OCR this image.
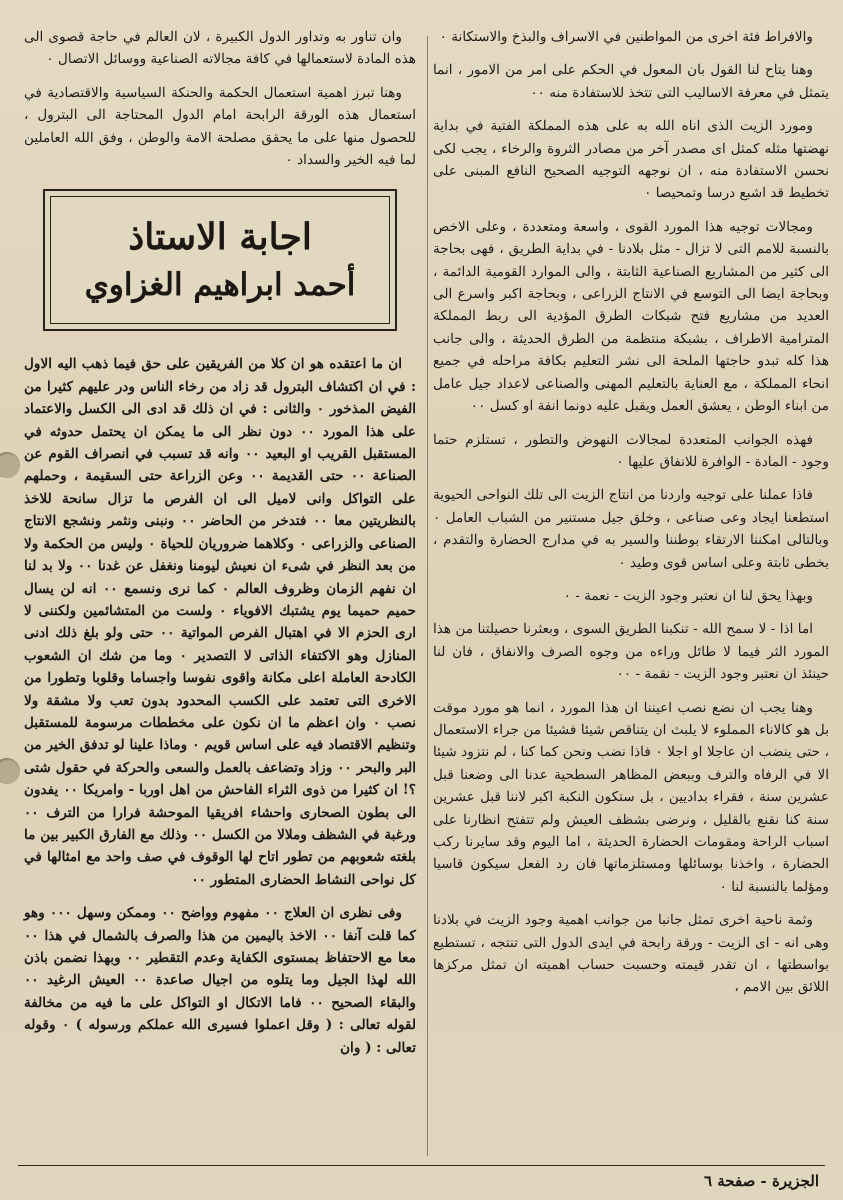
والافراط فئة اخرى من المواطنين في الاسراف والبذخ والاستكانة ٠

وهنا يتاح لنا القول بان المعول في الحكم على امر من الامور ، انما يتمثل في معرفة الاساليب التى تتخذ للاستفادة منه ٠٠

ومورد الزيت الذى اناه الله به على هذه المملكة الفتية في بداية نهضتها مثله كمثل اى مصدر آخر من مصادر الثروة والرخاء ، يجب لكى نحسن الاستفادة منه ، ان نوجهه التوجيه الصحيح النافع المبنى على تخطيط قد اشبع درسا وتمحيصا ٠

ومجالات توجيه هذا المورد القوى ، واسعة ومتعددة ، وعلى الاخص بالنسبة للامم التى لا تزال - مثل بلادنا - في بداية الطريق ، فهى بحاجة الى كثير من المشاريع الصناعية الثابتة ، والى الموارد القومية الدائمة ، وبحاجة ايضا الى التوسع في الانتاج الزراعى ، وبحاجة اكبر واسرع الى العديد من مشاريع فتح شبكات الطرق المؤدية الى ربط المملكة المترامية الاطراف ، بشبكة منتظمة من الطرق الحديثة ، والى جانب هذا كله تبدو حاجتها الملحة الى نشر التعليم بكافة مراحله في جميع انحاء المملكة ، مع العناية بالتعليم المهنى والصناعى لاعداد جيل عامل من ابناء الوطن ، يعشق العمل ويقبل عليه دونما انفة او كسل ٠٠

فهذه الجوانب المتعددة لمجالات النهوض والتطور ، تستلزم حتما وجود - المادة - الوافرة للانفاق عليها ٠

فاذا عملنا على توجيه واردنا من انتاج الزيت الى تلك النواحى الحيوية استطعنا ايجاد وعى صناعى ، وخلق جيل مستنير من الشباب العامل ٠ وبالتالى امكننا الارتقاء بوطننا والسير به في مدارج الحضارة والتقدم ، بخطى ثابتة وعلى اساس قوى وطيد ٠

وبهذا يحق لنا ان نعتبر وجود الزيت - نعمة - ٠

اما اذا - لا سمح الله - تنكبنا الطريق السوى ، وبعثرنا حصيلتنا من هذا المورد الثر فيما لا طائل وراءه من وجوه الصرف والانفاق ، فان لنا حينئذ ان نعتبر وجود الزيت - نقمة - ٠٠

وهنا يجب ان نضع نصب اعيننا ان هذا المورد ، انما هو مورد موقت بل هو كالاناء المملوء لا يلبث ان يتناقص شيئا فشيئا من جراء الاستعمال ، حتى ينضب ان عاجلا او اجلا ٠ فاذا نضب ونحن كما كنا ، لم نتزود شيئا الا في الرفاه والترف وببعض المظاهر السطحية عدنا الى وضعنا قبل عشرين سنة ، فقراء بداديين ، بل ستكون النكبة اكبر لاننا قبل عشرين سنة كنا نقنع بالقليل ، ونرضى بشظف العيش ولم تتفتح انظارنا على اسباب الراحة ومقومات الحضارة الحديثة ، اما اليوم وقد سايرنا ركب الحضارة ، واخذنا بوسائلها ومستلزماتها فان رد الفعل سيكون قاسيا ومؤلما بالنسبة لنا ٠

وثمة ناحية اخرى تمثل جانبا من جوانب اهمية وجود الزيت في بلادنا وهى انه - اى الزيت - ورقة رابحة في ايدى الدول التى تنتجه ، تستطيع بواسطتها ، ان تقدر قيمته وحسبت حساب اهميته ان تمثل مركزها اللائق بين الامم ،

وان تناور به وتداور الدول الكبيرة ، لان العالم في حاجة قصوى الى هذه المادة لاستعمالها في كافة مجالاته الصناعية ووسائل الاتصال ٠

وهنا تبرز اهمية استعمال الحكمة والحنكة السياسية والاقتصادية في استعمال هذه الورقة الرابحة امام الدول المحتاجة الى البترول ، للحصول منها على ما يحقق مصلحة الامة والوطن ، وفق الله العاملين لما فيه الخير والسداد ٠

اجابة الاستاذ
أحمد ابراهيم الغزاوي

ان ما اعتقده هو ان كلا من الفريقين على حق فيما ذهب اليه الاول : في ان اكتشاف البترول قد زاد من رخاء الناس ودر عليهم كثيرا من الفيض المذخور ٠ والثانى : في ان ذلك قد ادى الى الكسل والاعتماد على هذا المورد ٠٠ دون نظر الى ما يمكن ان يحتمل حدوثه في المستقبل القريب او البعيد ٠٠ وانه قد تسبب في انصراف القوم عن الصناعة ٠٠ حتى القديمة ٠٠ وعن الزراعة حتى السقيمة ، وحملهم على التواكل وانى لاميل الى ان الفرص ما تزال سانحة للاخذ بالنظريتين معا ٠٠ فتدخر من الحاضر ٠٠ ونبنى ونثمر ونشجع الانتاج الصناعى والزراعى ٠ وكلاهما ضروريان للحياة ٠ وليس من الحكمة ولا من بعد النظر في شىء ان نعيش ليومنا ونغفل عن غدنا ٠٠ ولا بد لنا ان نفهم الزمان وظروف العالم ٠ كما نرى ونسمع ٠٠ انه لن يسال حميم حميما يوم يشتبك الافوياء ٠ ولست من المتشائمين ولكننى لا ارى الحزم الا في اهتبال الفرص المواتية ٠٠ حتى ولو بلغ ذلك ادنى المنازل وهو الاكتفاء الذاتى لا التصدير ٠ وما من شك ان الشعوب الكادحة العاملة اعلى مكانة واقوى نفوسا واجساما وقلوبا وتطورا من الاخرى التى تعتمد على الكسب المحدود بدون تعب ولا مشقة ولا نصب ٠ وان اعظم ما ان نكون على مخططات مرسومة للمستقبل وتنظيم الاقتصاد فيه على اساس قويم ٠ وماذا علينا لو تدفق الخير من البر والبحر ٠٠ وزاد وتضاعف بالعمل والسعى والحركة في حقول شتى ؟! ان كثيرا من ذوى الثراء الفاحش من اهل اوربا - وامريكا ٠٠ يفدون الى بطون الصحارى واحشاء افريقيا الموحشة فرارا من الترف ٠٠ ورغبة في الشظف وملالا من الكسل ٠٠ وذلك مع الفارق الكبير بين ما بلغته شعوبهم من تطور اتاح لها الوقوف في صف واحد مع امثالها في كل نواحى النشاط الحضارى المتطور ٠٠

وفى نظرى ان العلاج ٠٠ مفهوم وواضح ٠٠ وممكن وسهل ٠٠٠ وهو كما قلت آنفا ٠٠ الاخذ باليمين من هذا والصرف بالشمال في هذا ٠٠ معا مع الاحتفاظ بمستوى الكفاية وعدم التقطير ٠٠ وبهذا نضمن باذن الله لهذا الجيل وما يتلوه من اجيال صاعدة ٠٠ العيش الرغيد ٠٠ والبقاء الصحيح ٠٠ فاما الاتكال او التواكل على ما فيه من مخالفة لقوله تعالى : ( وقل اعملوا فسيرى الله عملكم ورسوله ) ٠ وقوله تعالى : ( وان

الجزيرة - صفحة ٦
